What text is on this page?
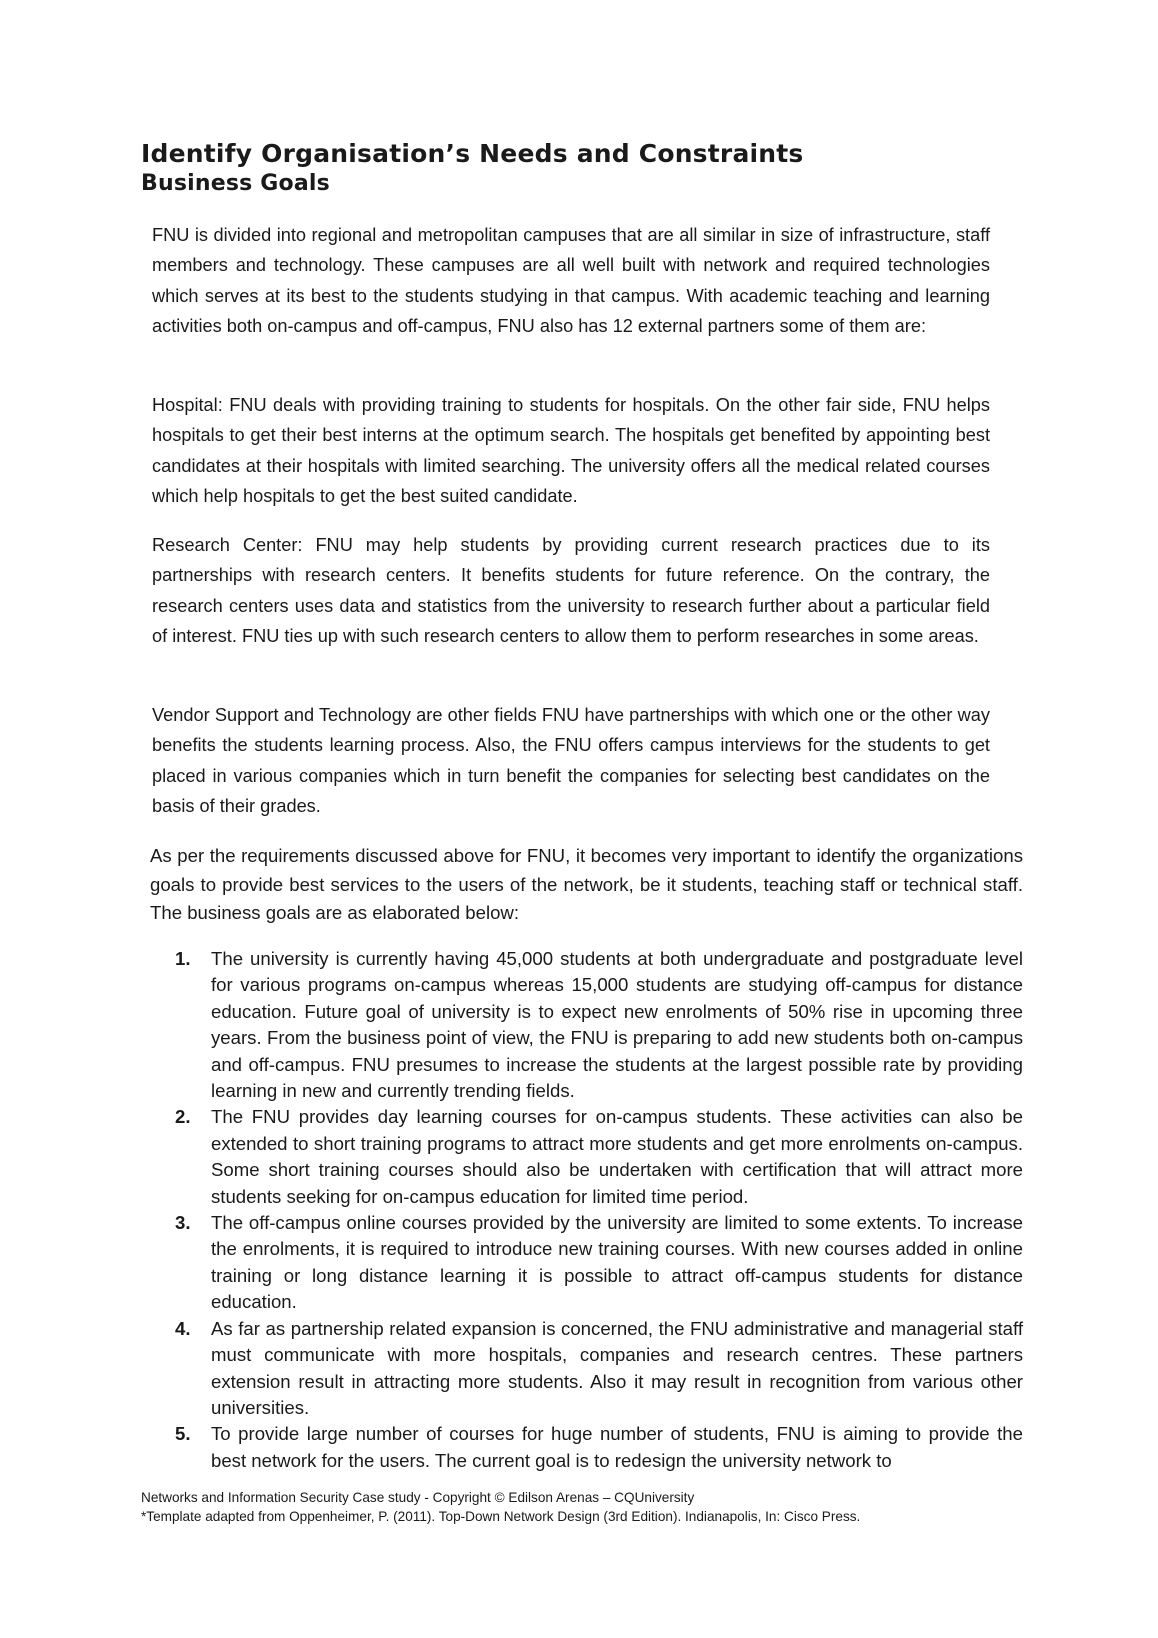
Identify Organisation’s Needs and Constraints
Business Goals

FNU is divided into regional and metropolitan campuses that are all similar in size of infrastructure, staff members and technology. These campuses are all well built with network and required technologies which serves at its best to the students studying in that campus. With academic teaching and learning activities both on-campus and off-campus, FNU also has 12 external partners some of them are:

Hospital: FNU deals with providing training to students for hospitals. On the other fair side, FNU helps hospitals to get their best interns at the optimum search. The hospitals get benefited by appointing best candidates at their hospitals with limited searching. The university offers all the medical related courses which help hospitals to get the best suited candidate.

Research Center: FNU may help students by providing current research practices due to its partnerships with research centers. It benefits students for future reference. On the contrary, the research centers uses data and statistics from the university to research further about a particular field of interest. FNU ties up with such research centers to allow them to perform researches in some areas.

Vendor Support and Technology are other fields FNU have partnerships with which one or the other way benefits the students learning process. Also, the FNU offers campus interviews for the students to get placed in various companies which in turn benefit the companies for selecting best candidates on the basis of their grades.

As per the requirements discussed above for FNU, it becomes very important to identify the organizations goals to provide best services to the users of the network, be it students, teaching staff or technical staff. The business goals are as elaborated below:

1. The university is currently having 45,000 students at both undergraduate and postgraduate level for various programs on-campus whereas 15,000 students are studying off-campus for distance education. Future goal of university is to expect new enrolments of 50% rise in upcoming three years. From the business point of view, the FNU is preparing to add new students both on-campus and off-campus. FNU presumes to increase the students at the largest possible rate by providing learning in new and currently trending fields.
2. The FNU provides day learning courses for on-campus students. These activities can also be extended to short training programs to attract more students and get more enrolments on-campus. Some short training courses should also be undertaken with certification that will attract more students seeking for on-campus education for limited time period.
3. The off-campus online courses provided by the university are limited to some extents. To increase the enrolments, it is required to introduce new training courses. With new courses added in online training or long distance learning it is possible to attract off-campus students for distance education.
4. As far as partnership related expansion is concerned, the FNU administrative and managerial staff must communicate with more hospitals, companies and research centres. These partners extension result in attracting more students. Also it may result in recognition from various other universities.
5. To provide large number of courses for huge number of students, FNU is aiming to provide the best network for the users. The current goal is to redesign the university network to
Networks and Information Security Case study - Copyright © Edilson Arenas – CQUniversity
*Template adapted from Oppenheimer, P. (2011). Top-Down Network Design (3rd Edition). Indianapolis, In: Cisco Press.
